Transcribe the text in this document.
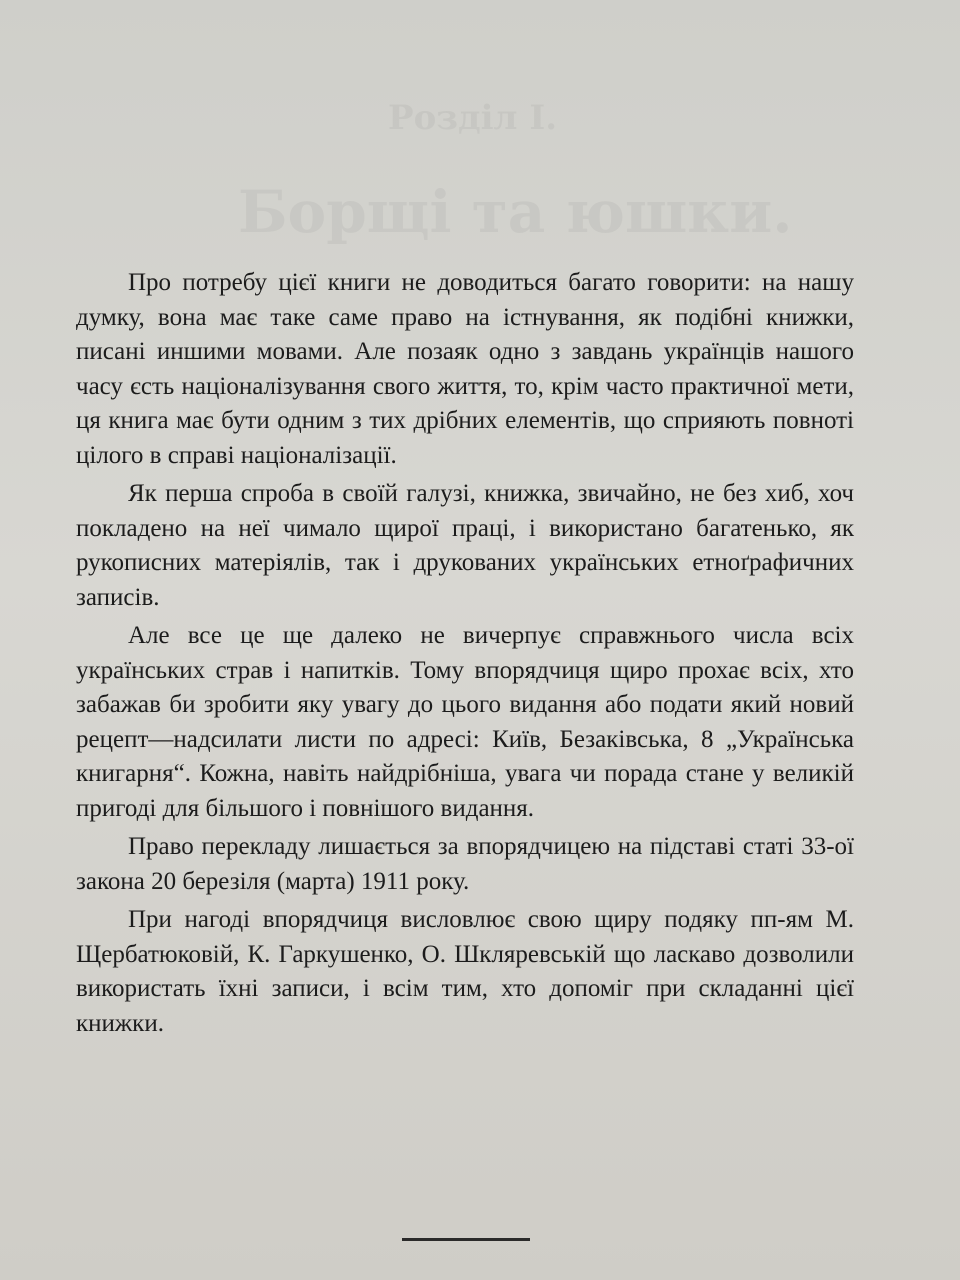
Розділ І.
Борщі та юшки.

Про потребу цієї книги не доводиться багато говорити: на нашу думку, вона має таке саме право на істнування, як подібні книжки, писані иншими мовами. Але позаяк одно з завдань українців нашого часу єсть націоналізування свого життя, то, крім часто практичної мети, ця книга має бути одним з тих дрібних елементів, що сприяють повноті цілого в справі націоналізації.

Як перша спроба в своїй галузі, книжка, звичайно, не без хиб, хоч покладено на неї чимало щирої праці, і використано багатенько, як рукописних матеріялів, так і друкованих українських етноґрафичних записів.

Але все це ще далеко не вичерпує справжнього числа всіх українських страв і напитків. Тому впорядчиця щиро прохає всіх, хто забажав би зробити яку увагу до цього видання або подати який новий рецепт—надсилати листи по адресі: Київ, Безаківська, 8 „Українська книгарня“. Кожна, навіть найдрібніша, увага чи порада стане у великій пригоді для більшого і повнішого видання.

Право перекладу лишається за впорядчицею на підставі статі 33-ої закона 20 березіля (марта) 1911 року.

При нагоді впорядчиця висловлює свою щиру подяку пп-ям М. Щербатюковій, К. Гаркушенко, О. Шкляревській що ласкаво дозволили використать їхні записи, і всім тим, хто допоміг при складанні цієї книжки.
